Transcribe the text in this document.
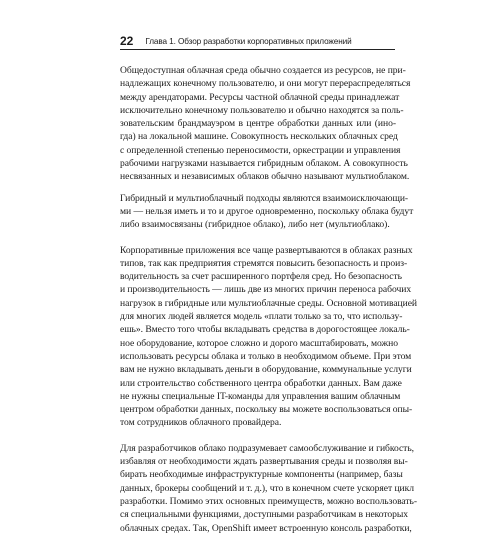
22 Глава 1. Обзор разработки корпоративных приложений
Общедоступная облачная среда обычно создается из ресурсов, не при-
надлежащих конечному пользователю, и они могут перераспределяться
между арендаторами. Ресурсы частной облачной среды принадлежат
исключительно конечному пользователю и обычно находятся за поль-
зовательским брандмауэром в центре обработки данных или (ино-
гда) на локальной машине. Совокупность нескольких облачных сред
с определенной степенью переносимости, оркестрации и управления
рабочими нагрузками называется гибридным облаком. А совокупность
несвязанных и независимых облаков обычно называют мультиоблаком.
Гибридный и мультиоблачный подходы являются взаимоисключающи-
ми — нельзя иметь и то и другое одновременно, поскольку облака будут
либо взаимосвязаны (гибридное облако), либо нет (мультиоблако).
Корпоративные приложения все чаще развертываются в облаках разных
типов, так как предприятия стремятся повысить безопасность и произ-
водительность за счет расширенного портфеля сред. Но безопасность
и производительность — лишь две из многих причин переноса рабочих
нагрузок в гибридные или мультиоблачные среды. Основной мотивацией
для многих людей является модель «плати только за то, что использу-
ешь». Вместо того чтобы вкладывать средства в дорогостоящее локаль-
ное оборудование, которое сложно и дорого масштабировать, можно
использовать ресурсы облака и только в необходимом объеме. При этом
вам не нужно вкладывать деньги в оборудование, коммунальные услуги
или строительство собственного центра обработки данных. Вам даже
не нужны специальные IT-команды для управления вашим облачным
центром обработки данных, поскольку вы можете воспользоваться опы-
том сотрудников облачного провайдера.
Для разработчиков облако подразумевает самообслуживание и гибкость,
избавляя от необходимости ждать развертывания среды и позволяя вы-
бирать необходимые инфраструктурные компоненты (например, базы
данных, брокеры сообщений и т. д.), что в конечном счете ускоряет цикл
разработки. Помимо этих основных преимуществ, можно воспользовать-
ся специальными функциями, доступными разработчикам в некоторых
облачных средах. Так, OpenShift имеет встроенную консоль разработки,
